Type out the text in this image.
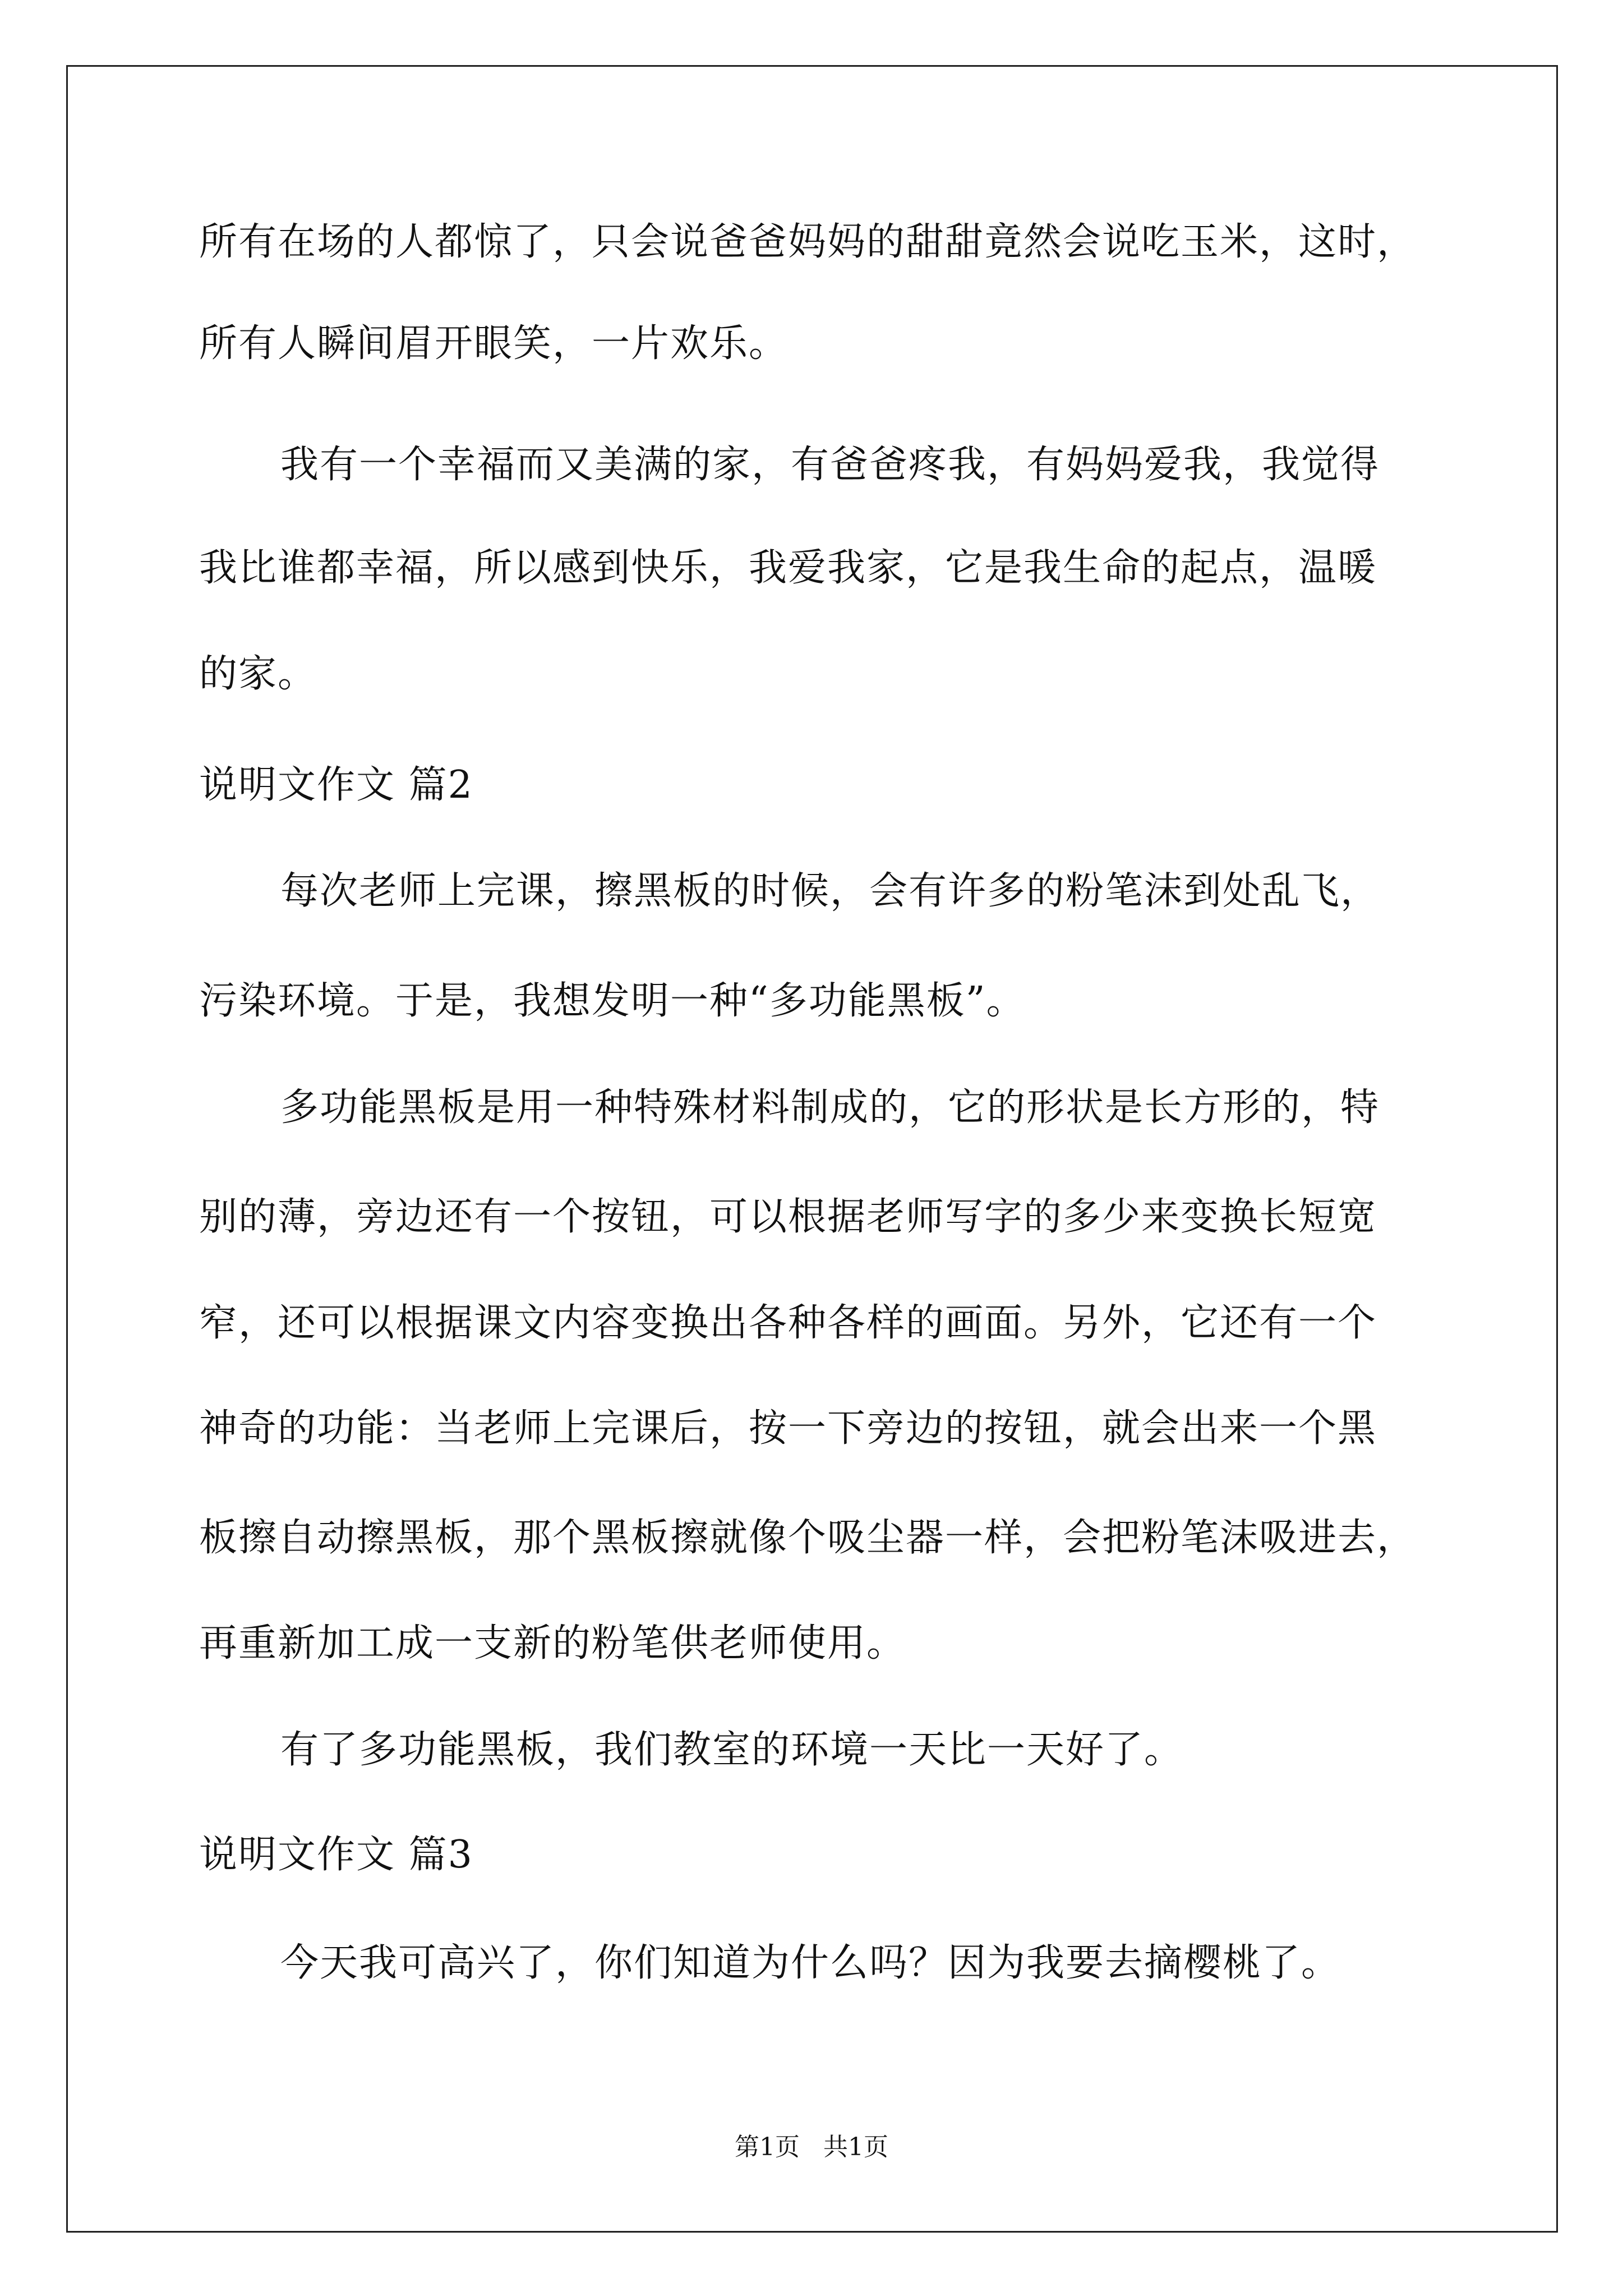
所有在场的人都惊了，只会说爸爸妈妈的甜甜竟然会说吃玉米，这时，
所有人瞬间眉开眼笑，一片欢乐。
我有一个幸福而又美满的家，有爸爸疼我，有妈妈爱我，我觉得
我比谁都幸福，所以感到快乐，我爱我家，它是我生命的起点，温暖
的家。
说明文作文 篇2
每次老师上完课，擦黑板的时候，会有许多的粉笔沫到处乱飞，
污染环境。于是，我想发明一种“多功能黑板”。
多功能黑板是用一种特殊材料制成的，它的形状是长方形的，特
别的薄，旁边还有一个按钮，可以根据老师写字的多少来变换长短宽
窄，还可以根据课文内容变换出各种各样的画面。另外，它还有一个
神奇的功能：当老师上完课后，按一下旁边的按钮，就会出来一个黑
板擦自动擦黑板，那个黑板擦就像个吸尘器一样，会把粉笔沫吸进去，
再重新加工成一支新的粉笔供老师使用。
有了多功能黑板，我们教室的环境一天比一天好了。
说明文作文 篇3
今天我可高兴了，你们知道为什么吗？因为我要去摘樱桃了。
第1页 共1页
